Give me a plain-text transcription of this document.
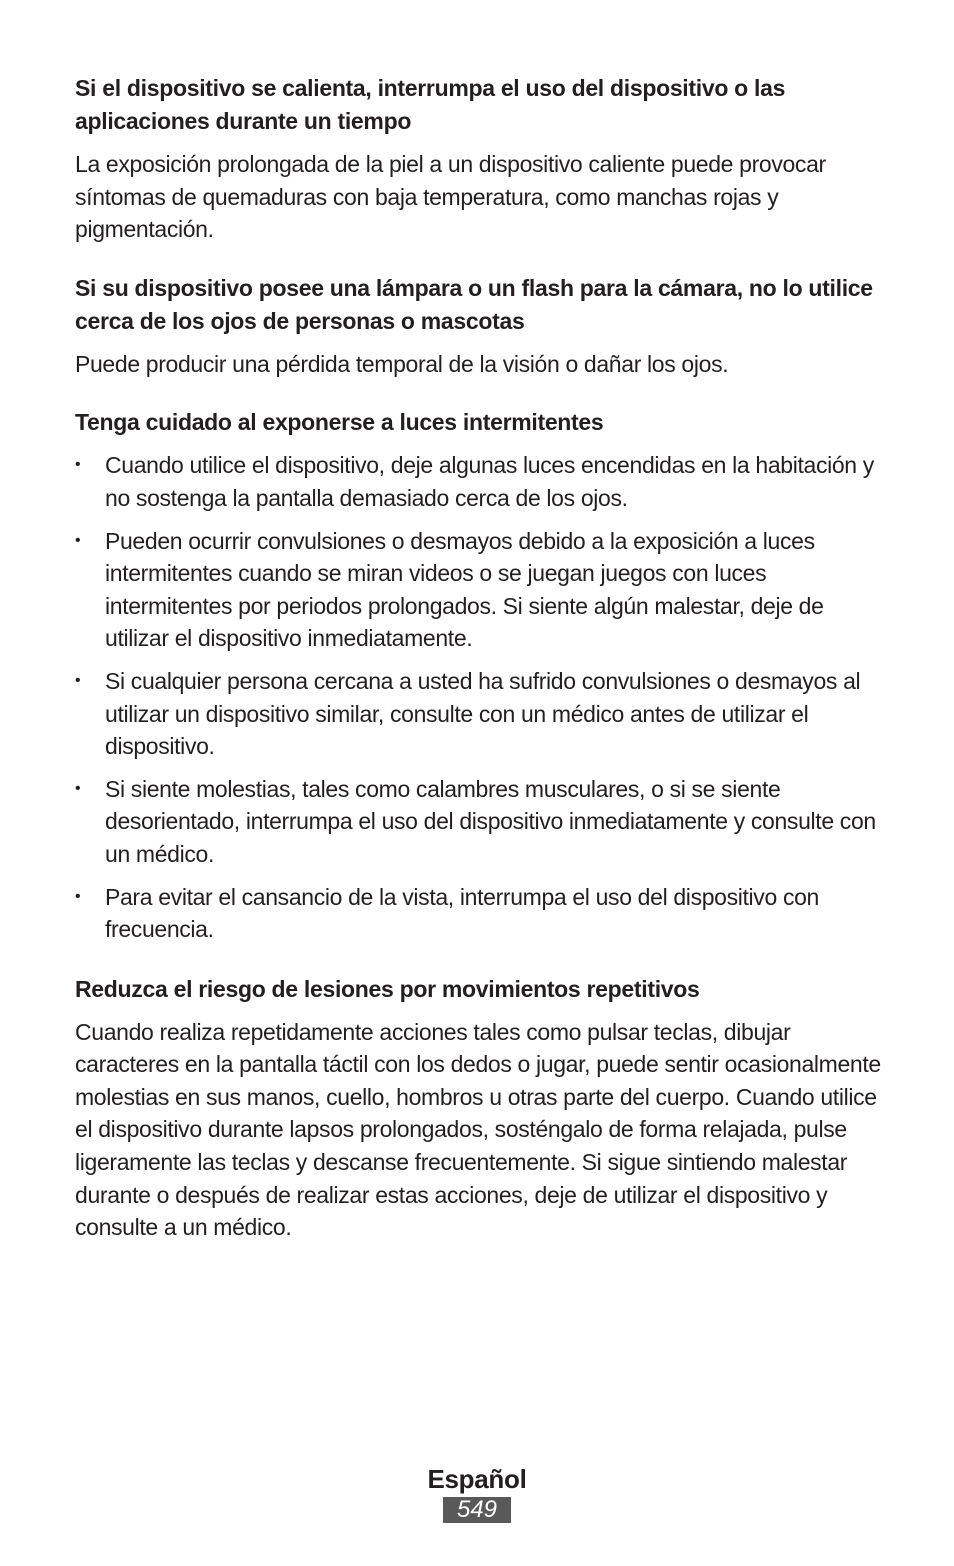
Si el dispositivo se calienta, interrumpa el uso del dispositivo o las aplicaciones durante un tiempo

La exposición prolongada de la piel a un dispositivo caliente puede provocar síntomas de quemaduras con baja temperatura, como manchas rojas y pigmentación.

Si su dispositivo posee una lámpara o un flash para la cámara, no lo utilice cerca de los ojos de personas o mascotas

Puede producir una pérdida temporal de la visión o dañar los ojos.

Tenga cuidado al exponerse a luces intermitentes
• Cuando utilice el dispositivo, deje algunas luces encendidas en la habitación y no sostenga la pantalla demasiado cerca de los ojos.
• Pueden ocurrir convulsiones o desmayos debido a la exposición a luces intermitentes cuando se miran videos o se juegan juegos con luces intermitentes por periodos prolongados. Si siente algún malestar, deje de utilizar el dispositivo inmediatamente.
• Si cualquier persona cercana a usted ha sufrido convulsiones o desmayos al utilizar un dispositivo similar, consulte con un médico antes de utilizar el dispositivo.
• Si siente molestias, tales como calambres musculares, o si se siente desorientado, interrumpa el uso del dispositivo inmediatamente y consulte con un médico.
• Para evitar el cansancio de la vista, interrumpa el uso del dispositivo con frecuencia.
Reduzca el riesgo de lesiones por movimientos repetitivos

Cuando realiza repetidamente acciones tales como pulsar teclas, dibujar caracteres en la pantalla táctil con los dedos o jugar, puede sentir ocasionalmente molestias en sus manos, cuello, hombros u otras parte del cuerpo. Cuando utilice el dispositivo durante lapsos prolongados, sosténgalo de forma relajada, pulse ligeramente las teclas y descanse frecuentemente. Si sigue sintiendo malestar durante o después de realizar estas acciones, deje de utilizar el dispositivo y consulte a un médico.

Español
549
